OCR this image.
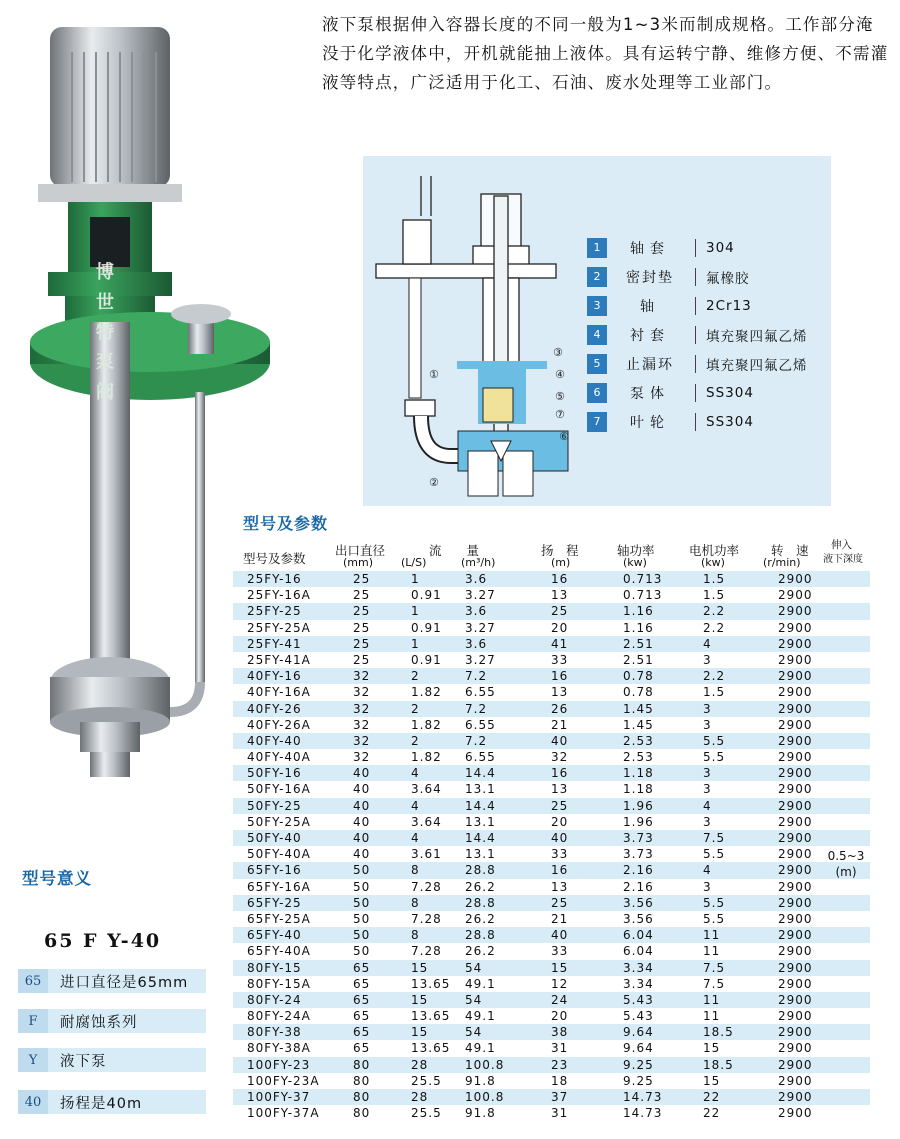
液下泵根据伸入容器长度的不同一般为1~3米而制成规格。工作部分淹没于化学液体中，开机就能抽上液体。具有运转宁静、维修方便、不需灌液等特点，广泛适用于化工、石油、废水处理等工业部门。
博
世
特
泵
阀
①
②
③
④
⑤
⑥
⑦
1	轴套	304
2	密封垫	氟橡胶
3	轴	2Cr13
4	衬套	填充聚四氟乙烯
5	止漏环	填充聚四氟乙烯
6	泵体	SS304
7	叶轮	SS304
型号及参数
型号及参数
出口直径
(mm)
流　　量
(L/S)	(m³/h)
扬　程
(m)
轴功率
(kw)
电机功率
(kw)
转　速
(r/min)
伸入
液下深度
25FY-16	25	1	3.6	16	0.713	1.5	2900
25FY-16A	25	0.91 3.27	13	0.713	1.5	2900
25FY-25	25	1	3.6	25	1.16	2.2	2900
25FY-25A	25	0.91 3.27	20	1.16	2.2	2900
25FY-41	25	1	3.6	41	2.51	4	2900
25FY-41A	25	0.91 3.27	33	2.51	3	2900
40FY-16	32	2	7.2	16	0.78	2.2	2900
40FY-16A	32	1.82 6.55	13	0.78	1.5	2900
40FY-26	32	2	7.2	26	1.45	3	2900
40FY-26A	32	1.82 6.55	21	1.45	3	2900
40FY-40	32	2	7.2	40	2.53	5.5	2900
40FY-40A	32	1.82 6.55	32	2.53	5.5	2900
50FY-16	40	4	14.4	16	1.18	3	2900
50FY-16A	40	3.64 13.1	13	1.18	3	2900
50FY-25	40	4	14.4	25	1.96	4	2900
50FY-25A	40	3.64 13.1	20	1.96	3	2900
50FY-40	40	4	14.4	40	3.73	7.5	2900
50FY-40A	40	3.61 13.1	33	3.73	5.5	2900
65FY-16	50	8	28.8	16	2.16	4	2900
65FY-16A	50	7.28 26.2	13	2.16	3	2900
65FY-25	50	8	28.8	25	3.56	5.5	2900
65FY-25A	50	7.28 26.2	21	3.56	5.5	2900
65FY-40	50	8	28.8	40	6.04	11	2900
65FY-40A	50	7.28 26.2	33	6.04	11	2900
80FY-15	65	15	54	15	3.34	7.5	2900
80FY-15A	65	13.65 49.1	12	3.34	7.5	2900
80FY-24	65	15	54	24	5.43	11	2900
80FY-24A	65	13.65 49.1	20	5.43	11	2900
80FY-38	65	15	54	38	9.64	18.5	2900
80FY-38A	65	13.65 49.1	31	9.64	15	2900
100FY-23	80	28	100.8	23	9.25	18.5	2900
100FY-23A	80	25.5 91.8	18	9.25	15	2900
100FY-37	80	28	100.8	37	14.73	22	2900
100FY-37A	80	25.5 91.8	31	14.73	22	2900
0.5~3
(m)
型号意义
65 F Y-40
65	进口直径是65mm
F	耐腐蚀系列
Y	液下泵
40	扬程是40m
